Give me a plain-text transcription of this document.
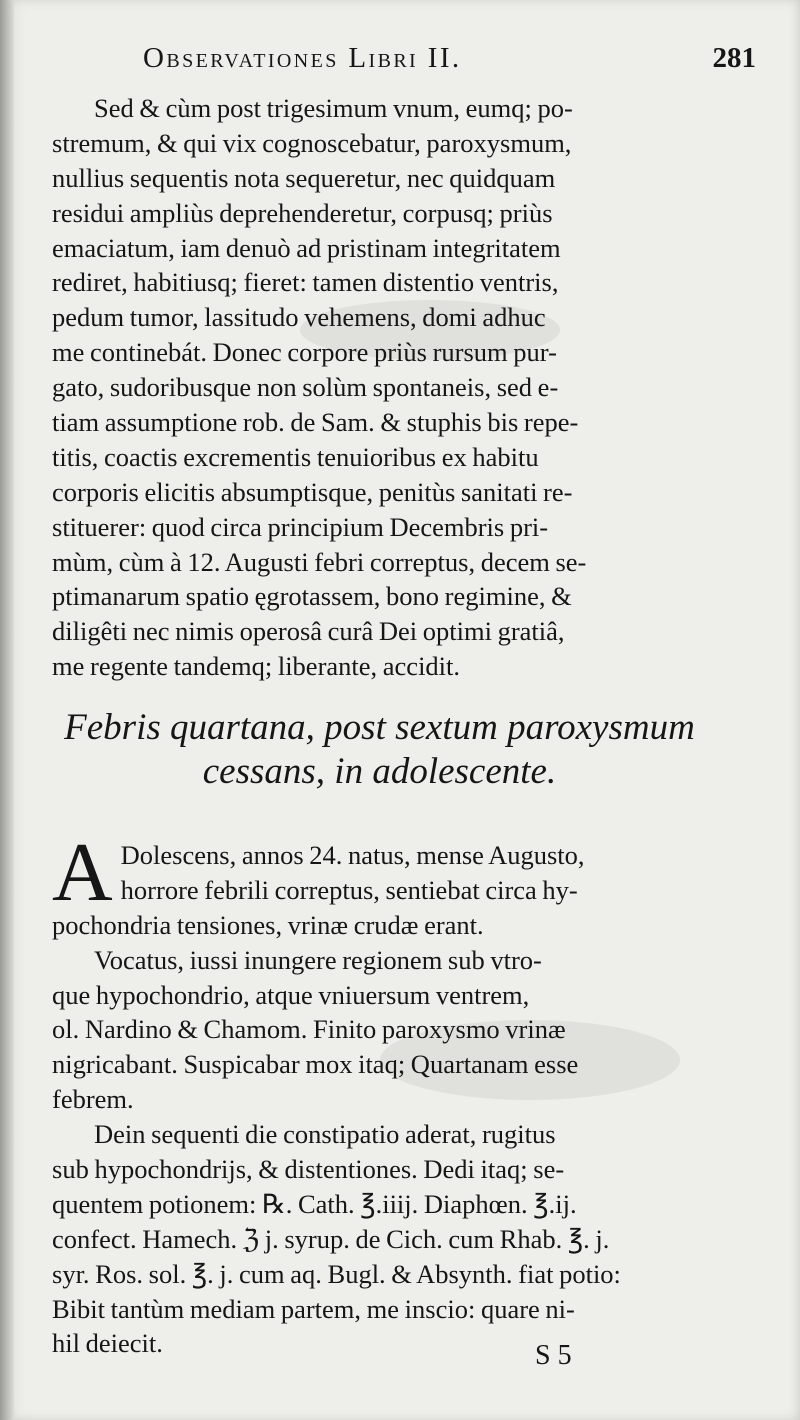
Observationes Libri II.	281
Sed & cùm post trigesimum vnum, eumq; po-
stremum, & qui vix cognoscebatur, paroxysmum,
nullius sequentis nota sequeretur, nec quidquam
residui ampliùs deprehenderetur, corpusq; priùs
emaciatum, iam denuò ad pristinam integritatem
rediret, habitiusq; fieret: tamen distentio ventris,
pedum tumor, lassitudo vehemens, domi adhuc
me continebát. Donec corpore priùs rursum pur-
gato, sudoribusque non solùm spontaneis, sed e-
tiam assumptione rob. de Sam. & stuphis bis repe-
titis, coactis excrementis tenuioribus ex habitu
corporis elicitis absumptisque, penitùs sanitati re-
stituerer: quod circa principium Decembris pri-
mùm, cùm à 12. Augusti febri correptus, decem se-
ptimanarum spatio ęgrotassem, bono regimine, &
diligêti nec nimis operosâ curâ Dei optimi gratiâ,
me regente tandemq; liberante, accidit.
Febris quartana, post sextum paroxysmum
cessans, in adolescente.
A Dolescens, annos 24. natus, mense Augusto,
horrore febrili correptus, sentiebat circa hy-
pochondria tensiones, vrinæ crudæ erant.
Vocatus, iussi inungere regionem sub vtro-
que hypochondrio, atque vniuersum ventrem,
ol. Nardino & Chamom. Finito paroxysmo vrinæ
nigricabant. Suspicabar mox itaq; Quartanam esse
febrem.
Dein sequenti die constipatio aderat, rugitus
sub hypochondrijs, & distentiones. Dedi itaq; se-
quentem potionem: ℞. Cath. ℥.iiij. Diaphœn. ℥.ij.
confect. Hamech. ℨ j. syrup. de Cich. cum Rhab. ℥. j.
syr. Ros. sol. ℥. j. cum aq. Bugl. & Absynth. fiat potio:
Bibit tantùm mediam partem, me inscio: quare ni-
hil deiecit.	S 5
